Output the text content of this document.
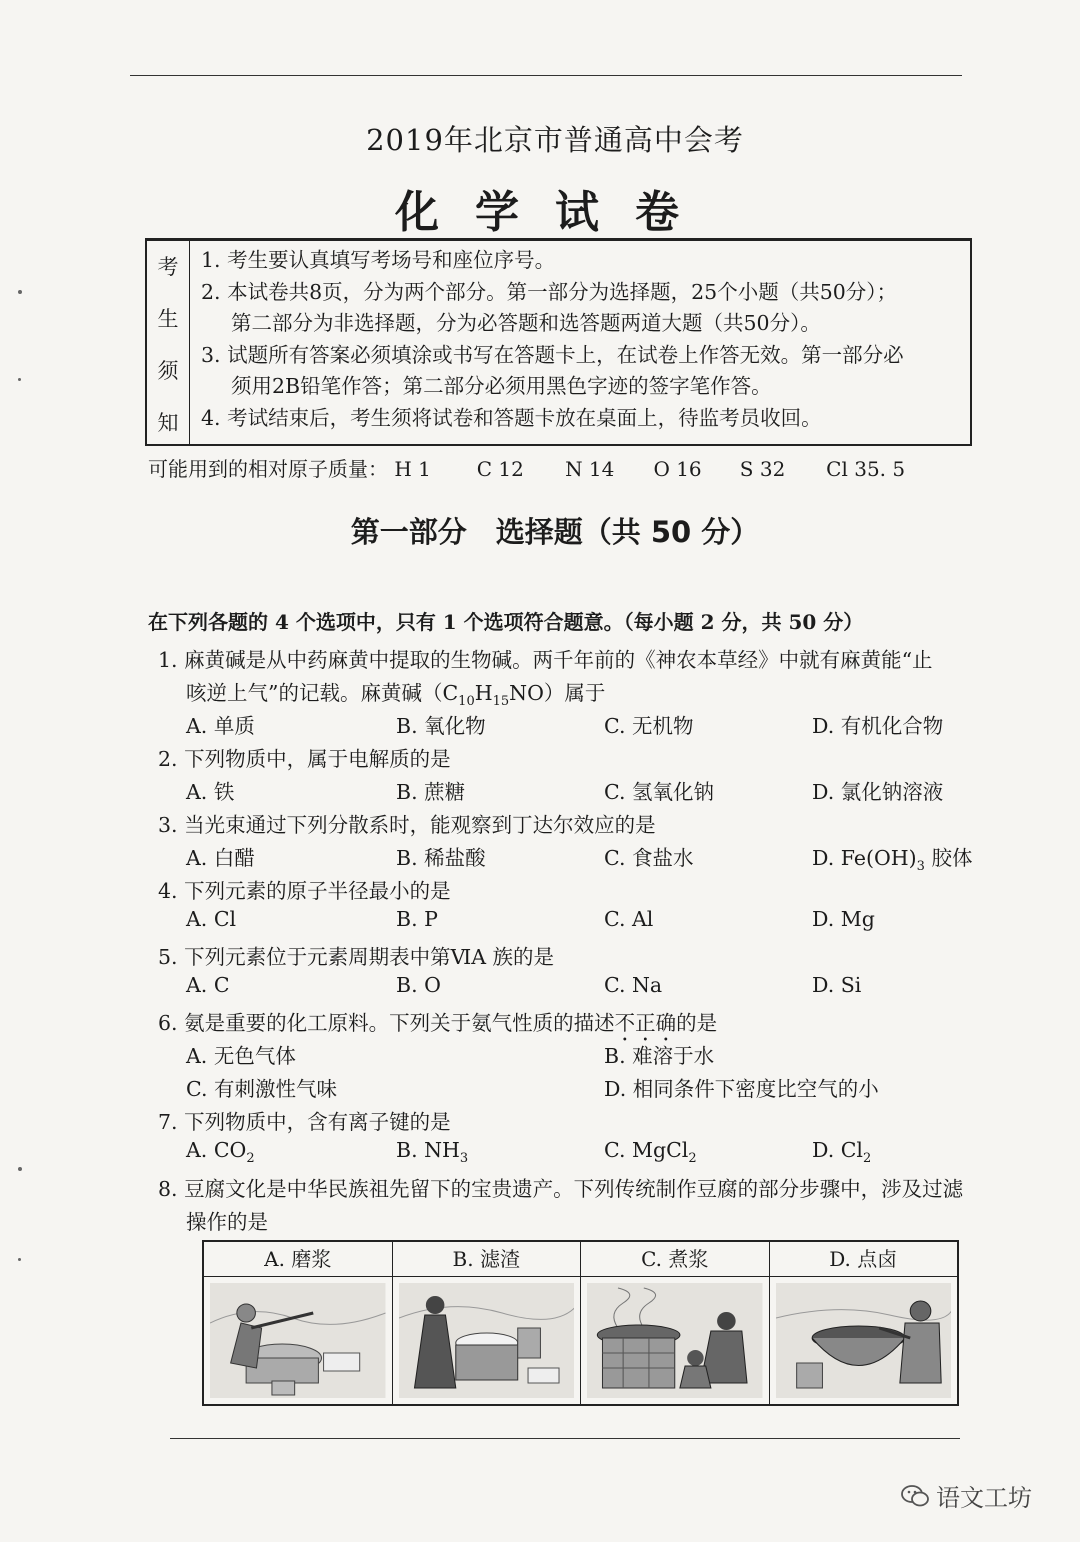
2019年北京市普通高中会考
化学试卷
考
生
须
知

1. 考生要认真填写考场号和座位序号。

2. 本试卷共8页，分为两个部分。第一部分为选择题，25个小题（共50分）；

第二部分为非选择题，分为必答题和选答题两道大题（共50分）。

3. 试题所有答案必须填涂或书写在答题卡上，在试卷上作答无效。第一部分必

须用2B铅笔作答；第二部分必须用黑色字迹的签字笔作答。

4. 考试结束后，考生须将试卷和答题卡放在桌面上，待监考员收回。

可能用到的相对原子质量： H 1 C 12 N 14 O 16 S 32 Cl 35. 5
第一部分　选择题（共 50 分）
在下列各题的 4 个选项中，只有 1 个选项符合题意。（每小题 2 分，共 50 分）
1. 麻黄碱是从中药麻黄中提取的生物碱。两千年前的《神农本草经》中就有麻黄能“止
咳逆上气”的记载。麻黄碱$(C_{10}H_{15}NO)$属于
A. 单质	B. 氧化物	C. 无机物	D. 有机化合物
2. 下列物质中，属于电解质的是
A. 铁	B. 蔗糖	C. 氢氧化钠	D. 氯化钠溶液
3. 当光束通过下列分散系时，能观察到丁达尔效应的是
A. 白醋	B. 稀盐酸	C. 食盐水	D. $Fe(OH)_3$ 胶体
4. 下列元素的原子半径最小的是
A. Cl	B. P	C. Al	D. Mg
5. 下列元素位于元素周期表中第ⅥA 族的是
A. C	B. O	C. Na	D. Si
6. 氨是重要的化工原料。下列关于氨气性质的描述不正确的是
A. 无色气体	B. 难溶于水
C. 有刺激性气味	D. 相同条件下密度比空气的小
7. 下列物质中，含有离子键的是
A. $CO_2$	B. $NH_3$	C. MgCl$_2$	D. $Cl_2$
8. 豆腐文化是中华民族祖先留下的宝贵遗产。下列传统制作豆腐的部分步骤中，涉及过滤
操作的是
A. 磨浆	B. 滤渣	C. 煮浆	D. 点卤
语文工坊
